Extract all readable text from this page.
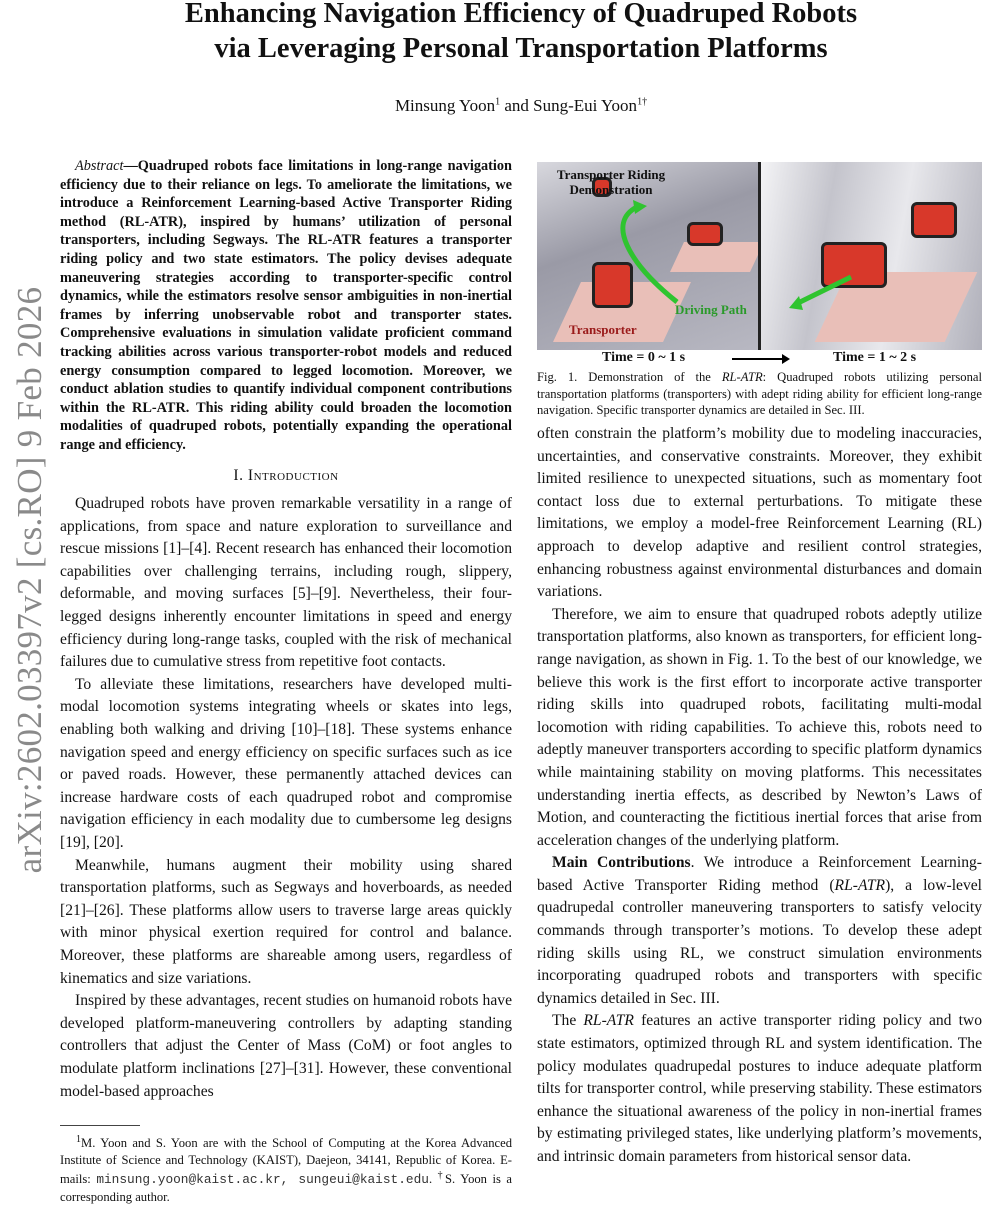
arXiv:2602.03397v2 [cs.RO] 9 Feb 2026
Enhancing Navigation Efficiency of Quadruped Robots
via Leveraging Personal Transportation Platforms
Minsung Yoon$^1$ and Sung-Eui Yoon$^{1\dagger}$

Abstract—Quadruped robots face limitations in long-range navigation efficiency due to their reliance on legs. To ameliorate the limitations, we introduce a Reinforcement Learning-based Active Transporter Riding method (RL-ATR), inspired by humans’ utilization of personal transporters, including Segways. The RL-ATR features a transporter riding policy and two state estimators. The policy devises adequate maneuvering strategies according to transporter-specific control dynamics, while the estimators resolve sensor ambiguities in non-inertial frames by inferring unobservable robot and transporter states. Comprehensive evaluations in simulation validate proficient command tracking abilities across various transporter-robot models and reduced energy consumption compared to legged locomotion. Moreover, we conduct ablation studies to quantify individual component contributions within the RL-ATR. This riding ability could broaden the locomotion modalities of quadruped robots, potentially expanding the operational range and efficiency.

I. Introduction

Quadruped robots have proven remarkable versatility in a range of applications, from space and nature exploration to surveillance and rescue missions [1]–[4]. Recent research has enhanced their locomotion capabilities over challenging terrains, including rough, slippery, deformable, and moving surfaces [5]–[9]. Nevertheless, their four-legged designs inherently encounter limitations in speed and energy efficiency during long-range tasks, coupled with the risk of mechanical failures due to cumulative stress from repetitive foot contacts.

To alleviate these limitations, researchers have developed multi-modal locomotion systems integrating wheels or skates into legs, enabling both walking and driving [10]–[18]. These systems enhance navigation speed and energy efficiency on specific surfaces such as ice or paved roads. However, these permanently attached devices can increase hardware costs of each quadruped robot and compromise navigation efficiency in each modality due to cumbersome leg designs [19], [20].

Meanwhile, humans augment their mobility using shared transportation platforms, such as Segways and hoverboards, as needed [21]–[26]. These platforms allow users to traverse large areas quickly with minor physical exertion required for control and balance. Moreover, these platforms are shareable among users, regardless of kinematics and size variations.

Inspired by these advantages, recent studies on humanoid robots have developed platform-maneuvering controllers by adapting standing controllers that adjust the Center of Mass (CoM) or foot angles to modulate platform inclinations [27]–[31]. However, these conventional model-based approaches

Transporter Riding Demonstration
Driving Path
Transporter
Time = 0 ~ 1 s	Time = 1 ~ 2 s
Fig. 1. Demonstration of the RL-ATR: Quadruped robots utilizing personal transportation platforms (transporters) with adept riding ability for efficient long-range navigation. Specific transporter dynamics are detailed in Sec. III.

often constrain the platform’s mobility due to modeling inaccuracies, uncertainties, and conservative constraints. Moreover, they exhibit limited resilience to unexpected situations, such as momentary foot contact loss due to external perturbations. To mitigate these limitations, we employ a model-free Reinforcement Learning (RL) approach to develop adaptive and resilient control strategies, enhancing robustness against environmental disturbances and domain variations.

Therefore, we aim to ensure that quadruped robots adeptly utilize transportation platforms, also known as transporters, for efficient long-range navigation, as shown in Fig. 1. To the best of our knowledge, we believe this work is the first effort to incorporate active transporter riding skills into quadruped robots, facilitating multi-modal locomotion with riding capabilities. To achieve this, robots need to adeptly maneuver transporters according to specific platform dynamics while maintaining stability on moving platforms. This necessitates understanding inertia effects, as described by Newton’s Laws of Motion, and counteracting the fictitious inertial forces that arise from acceleration changes of the underlying platform.

Main Contributions. We introduce a Reinforcement Learning-based Active Transporter Riding method (RL-ATR), a low-level quadrupedal controller maneuvering transporters to satisfy velocity commands through transporter’s motions. To develop these adept riding skills using RL, we construct simulation environments incorporating quadruped robots and transporters with specific dynamics detailed in Sec. III.

The RL-ATR features an active transporter riding policy and two state estimators, optimized through RL and system identification. The policy modulates quadrupedal postures to induce adequate platform tilts for transporter control, while preserving stability. These estimators enhance the situational awareness of the policy in non-inertial frames by estimating privileged states, like underlying platform’s movements, and intrinsic domain parameters from historical sensor data.

$^1$M. Yoon and S. Yoon are with the School of Computing at the Korea Advanced Institute of Science and Technology (KAIST), Daejeon, 34141, Republic of Korea. E-mails: minsung.yoon@kaist.ac.kr, sungeui@kaist.edu. †S. Yoon is a corresponding author.
